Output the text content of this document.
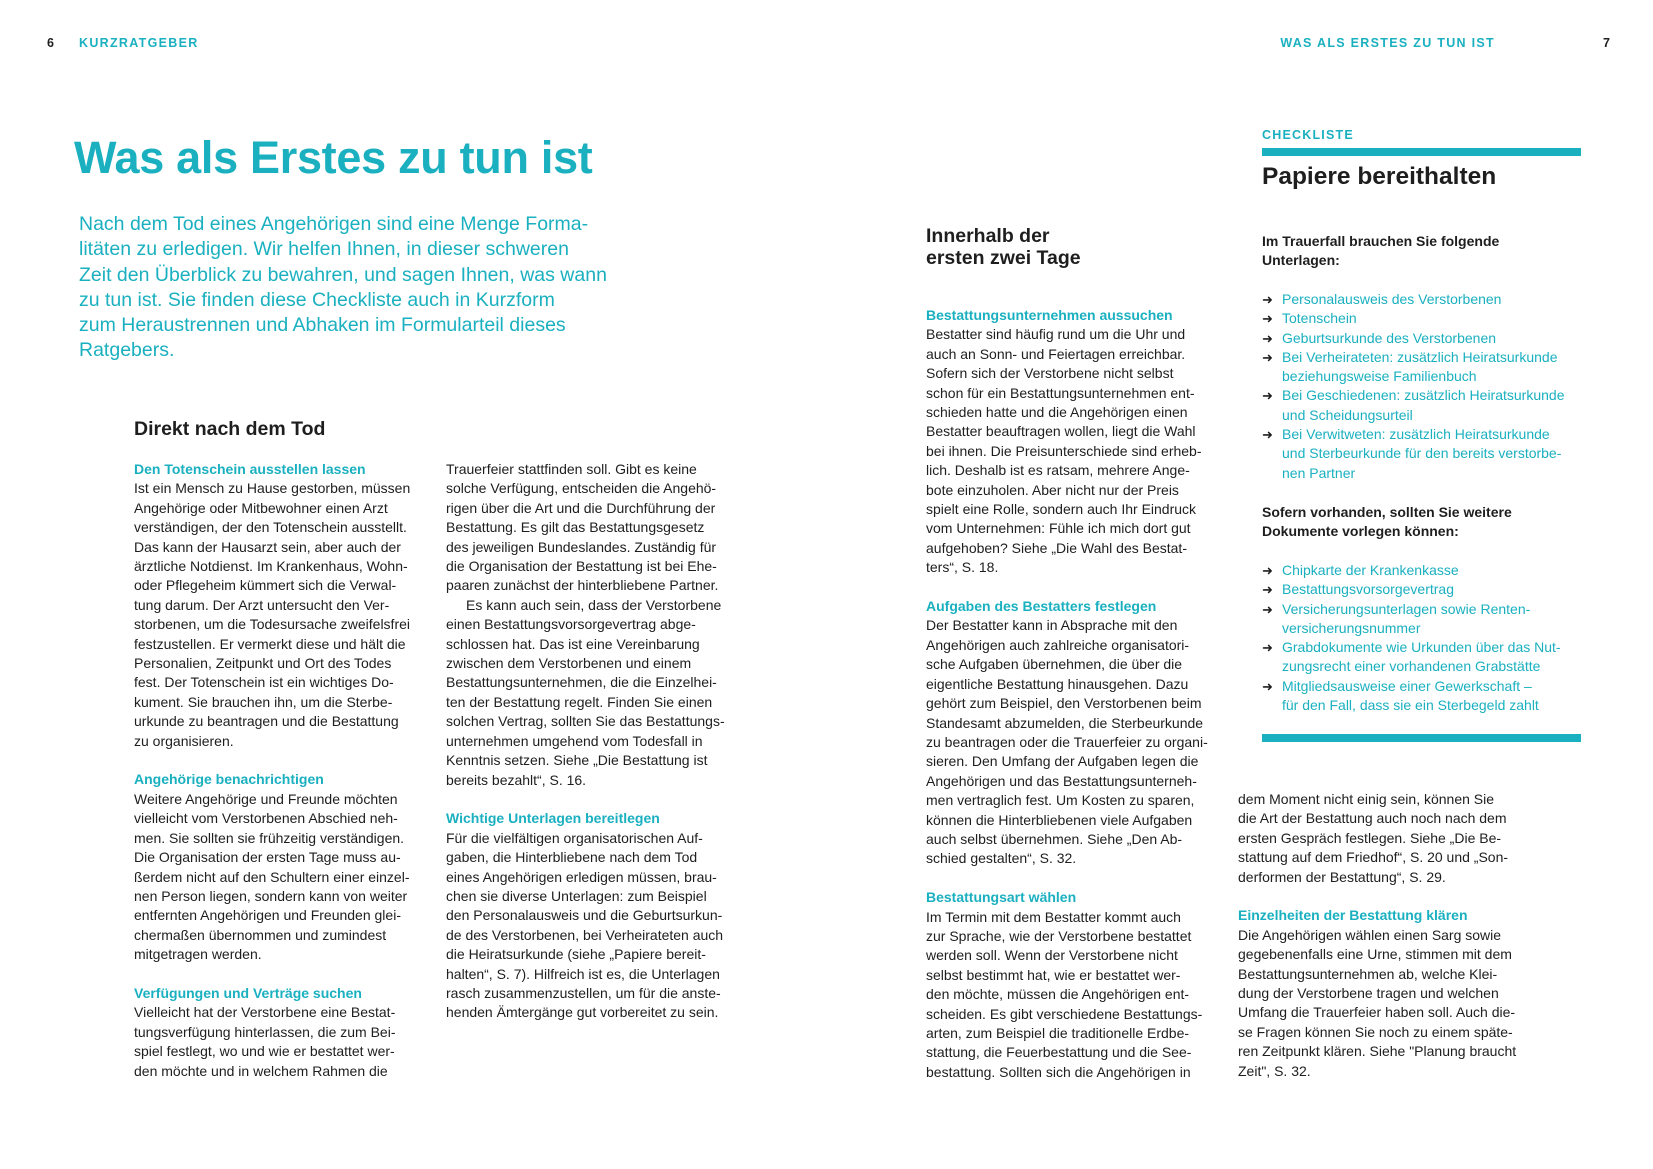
6 KURZRATGEBER	WAS ALS ERSTES ZU TUN IST	7
Was als Erstes zu tun ist
Nach dem Tod eines Angehörigen sind eine Menge Forma-
litäten zu erledigen. Wir helfen Ihnen, in dieser schweren
Zeit den Überblick zu bewahren, und sagen Ihnen, was wann
zu tun ist. Sie finden diese Checkliste auch in Kurzform
zum Heraustrennen und Abhaken im Formularteil dieses
Ratgebers.
Direkt nach dem Tod
Den Totenschein ausstellen lassen
Ist ein Mensch zu Hause gestorben, müssen
Angehörige oder Mitbewohner einen Arzt
verständigen, der den Totenschein ausstellt.
Das kann der Hausarzt sein, aber auch der
ärztliche Notdienst. Im Krankenhaus, Wohn-
oder Pflegeheim kümmert sich die Verwal-
tung darum. Der Arzt untersucht den Ver-
storbenen, um die Todesursache zweifelsfrei
festzustellen. Er vermerkt diese und hält die
Personalien, Zeitpunkt und Ort des Todes
fest. Der Totenschein ist ein wichtiges Do-
kument. Sie brauchen ihn, um die Sterbe-
urkunde zu beantragen und die Bestattung
zu organisieren.
Angehörige benachrichtigen
Weitere Angehörige und Freunde möchten
vielleicht vom Verstorbenen Abschied neh-
men. Sie sollten sie frühzeitig verständigen.
Die Organisation der ersten Tage muss au-
ßerdem nicht auf den Schultern einer einzel-
nen Person liegen, sondern kann von weiter
entfernten Angehörigen und Freunden glei-
chermaßen übernommen und zumindest
mitgetragen werden.
Verfügungen und Verträge suchen
Vielleicht hat der Verstorbene eine Bestat-
tungsverfügung hinterlassen, die zum Bei-
spiel festlegt, wo und wie er bestattet wer-
den möchte und in welchem Rahmen die
Trauerfeier stattfinden soll. Gibt es keine
solche Verfügung, entscheiden die Angehö-
rigen über die Art und die Durchführung der
Bestattung. Es gilt das Bestattungsgesetz
des jeweiligen Bundeslandes. Zuständig für
die Organisation der Bestattung ist bei Ehe-
paaren zunächst der hinterbliebene Partner.
Es kann auch sein, dass der Verstorbene
einen Bestattungsvorsorgevertrag abge-
schlossen hat. Das ist eine Vereinbarung
zwischen dem Verstorbenen und einem
Bestattungsunternehmen, die die Einzelhei-
ten der Bestattung regelt. Finden Sie einen
solchen Vertrag, sollten Sie das Bestattungs-
unternehmen umgehend vom Todesfall in
Kenntnis setzen. Siehe „Die Bestattung ist
bereits bezahlt“, S. 16.
Wichtige Unterlagen bereitlegen
Für die vielfältigen organisatorischen Auf-
gaben, die Hinterbliebene nach dem Tod
eines Angehörigen erledigen müssen, brau-
chen sie diverse Unterlagen: zum Beispiel
den Personalausweis und die Geburtsurkun-
de des Verstorbenen, bei Verheirateten auch
die Heiratsurkunde (siehe „Papiere bereit-
halten“, S. 7). Hilfreich ist es, die Unterlagen
rasch zusammenzustellen, um für die anste-
henden Ämtergänge gut vorbereitet zu sein.
Innerhalb der
ersten zwei Tage
Bestattungsunternehmen aussuchen
Bestatter sind häufig rund um die Uhr und
auch an Sonn- und Feiertagen erreichbar.
Sofern sich der Verstorbene nicht selbst
schon für ein Bestattungsunternehmen ent-
schieden hatte und die Angehörigen einen
Bestatter beauftragen wollen, liegt die Wahl
bei ihnen. Die Preisunterschiede sind erheb-
lich. Deshalb ist es ratsam, mehrere Ange-
bote einzuholen. Aber nicht nur der Preis
spielt eine Rolle, sondern auch Ihr Eindruck
vom Unternehmen: Fühle ich mich dort gut
aufgehoben? Siehe „Die Wahl des Bestat-
ters“, S. 18.
Aufgaben des Bestatters festlegen
Der Bestatter kann in Absprache mit den
Angehörigen auch zahlreiche organisatori-
sche Aufgaben übernehmen, die über die
eigentliche Bestattung hinausgehen. Dazu
gehört zum Beispiel, den Verstorbenen beim
Standesamt abzumelden, die Sterbeurkunde
zu beantragen oder die Trauerfeier zu organi-
sieren. Den Umfang der Aufgaben legen die
Angehörigen und das Bestattungsunterneh-
men vertraglich fest. Um Kosten zu sparen,
können die Hinterbliebenen viele Aufgaben
auch selbst übernehmen. Siehe „Den Ab-
schied gestalten“, S. 32.
Bestattungsart wählen
Im Termin mit dem Bestatter kommt auch
zur Sprache, wie der Verstorbene bestattet
werden soll. Wenn der Verstorbene nicht
selbst bestimmt hat, wie er bestattet wer-
den möchte, müssen die Angehörigen ent-
scheiden. Es gibt verschiedene Bestattungs-
arten, zum Beispiel die traditionelle Erdbe-
stattung, die Feuerbestattung und die See-
bestattung. Sollten sich die Angehörigen in
dem Moment nicht einig sein, können Sie
die Art der Bestattung auch noch nach dem
ersten Gespräch festlegen. Siehe „Die Be-
stattung auf dem Friedhof“, S. 20 und „Son-
derformen der Bestattung“, S. 29.
Einzelheiten der Bestattung klären
Die Angehörigen wählen einen Sarg sowie
gegebenenfalls eine Urne, stimmen mit dem
Bestattungsunternehmen ab, welche Klei-
dung der Verstorbene tragen und welchen
Umfang die Trauerfeier haben soll. Auch die-
se Fragen können Sie noch zu einem späte-
ren Zeitpunkt klären. Siehe "Planung braucht
Zeit", S. 32.
CHECKLISTE
Papiere bereithalten
Im Trauerfall brauchen Sie folgende
Unterlagen:
➜ Personalausweis des Verstorbenen
➜ Totenschein
➜ Geburtsurkunde des Verstorbenen
➜ Bei Verheirateten: zusätzlich Heiratsurkunde
beziehungsweise Familienbuch
➜ Bei Geschiedenen: zusätzlich Heiratsurkunde
und Scheidungsurteil
➜ Bei Verwitweten: zusätzlich Heiratsurkunde
und Sterbeurkunde für den bereits verstorbe-
nen Partner
Sofern vorhanden, sollten Sie weitere
Dokumente vorlegen können:
➜ Chipkarte der Krankenkasse
➜ Bestattungsvorsorgevertrag
➜ Versicherungsunterlagen sowie Renten-
versicherungsnummer
➜ Grabdokumente wie Urkunden über das Nut-
zungsrecht einer vorhandenen Grabstätte
➜ Mitgliedsausweise einer Gewerkschaft –
für den Fall, dass sie ein Sterbegeld zahlt
